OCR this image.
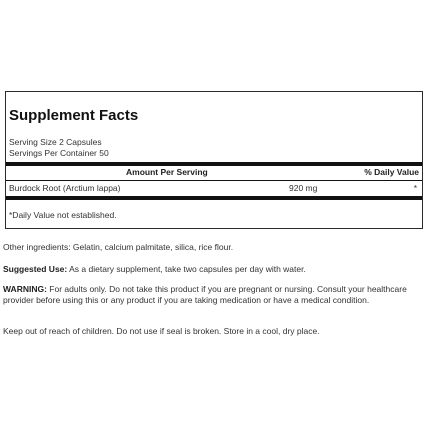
Supplement Facts
Serving Size 2 Capsules
Servings Per Container 50
Amount Per Serving	% Daily Value
Burdock Root (Arctium lappa)	920 mg	*
*Daily Value not established.

Other ingredients: Gelatin, calcium palmitate, silica, rice flour.

Suggested Use: As a dietary supplement, take two capsules per day with water.

WARNING: For adults only. Do not take this product if you are pregnant or nursing. Consult your healthcare provider before using this or any product if you are taking medication or have a medical condition.

Keep out of reach of children. Do not use if seal is broken. Store in a cool, dry place.
